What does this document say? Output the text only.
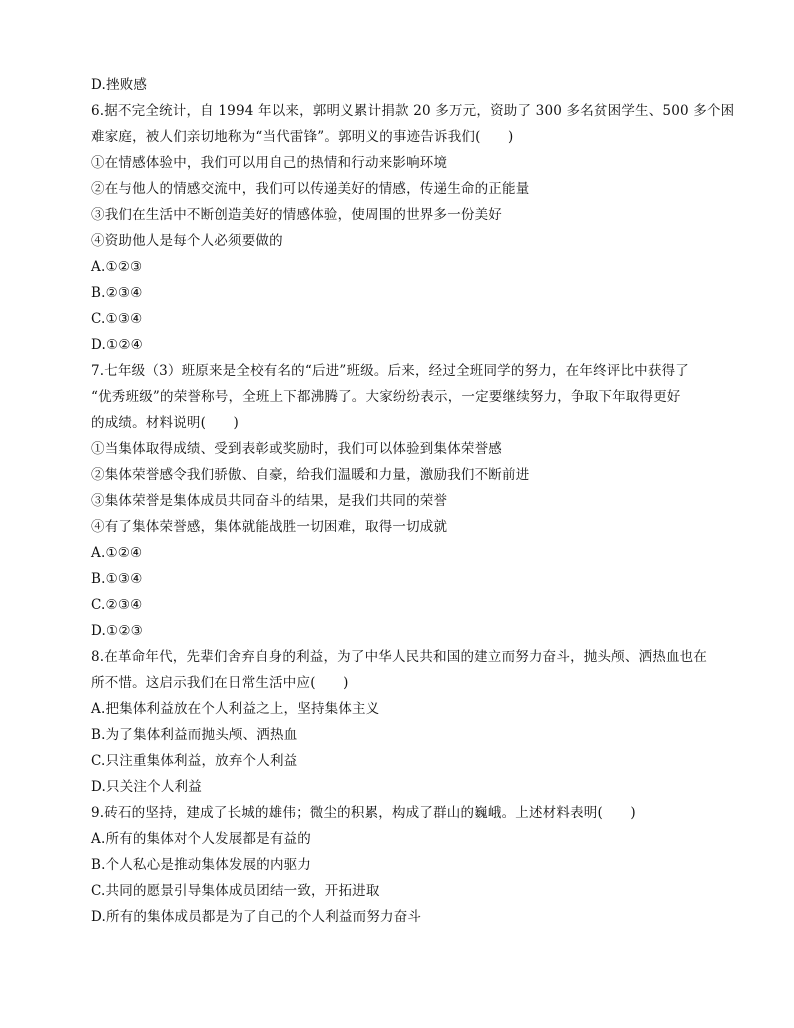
D.挫败感
6.据不完全统计，自 1994 年以来，郭明义累计捐款 20 多万元，资助了 300 多名贫困学生、500 多个困
难家庭，被人们亲切地称为“当代雷锋”。郭明义的事迹告诉我们(　　)
①在情感体验中，我们可以用自己的热情和行动来影响环境
②在与他人的情感交流中，我们可以传递美好的情感，传递生命的正能量
③我们在生活中不断创造美好的情感体验，使周围的世界多一份美好
④资助他人是每个人必须要做的
A.①②③
B.②③④
C.①③④
D.①②④
7.七年级（3）班原来是全校有名的“后进”班级。后来，经过全班同学的努力，在年终评比中获得了
“优秀班级”的荣誉称号，全班上下都沸腾了。大家纷纷表示，一定要继续努力，争取下年取得更好
的成绩。材料说明(　　)
①当集体取得成绩、受到表彰或奖励时，我们可以体验到集体荣誉感
②集体荣誉感令我们骄傲、自豪，给我们温暖和力量，激励我们不断前进
③集体荣誉是集体成员共同奋斗的结果，是我们共同的荣誉
④有了集体荣誉感，集体就能战胜一切困难，取得一切成就
A.①②④
B.①③④
C.②③④
D.①②③
8.在革命年代，先辈们舍弃自身的利益，为了中华人民共和国的建立而努力奋斗，抛头颅、洒热血也在
所不惜。这启示我们在日常生活中应(　　)
A.把集体利益放在个人利益之上，坚持集体主义
B.为了集体利益而抛头颅、洒热血
C.只注重集体利益，放弃个人利益
D.只关注个人利益
9.砖石的坚持，建成了长城的雄伟；微尘的积累，构成了群山的巍峨。上述材料表明(　　)
A.所有的集体对个人发展都是有益的
B.个人私心是推动集体发展的内驱力
C.共同的愿景引导集体成员团结一致，开拓进取
D.所有的集体成员都是为了自己的个人利益而努力奋斗
